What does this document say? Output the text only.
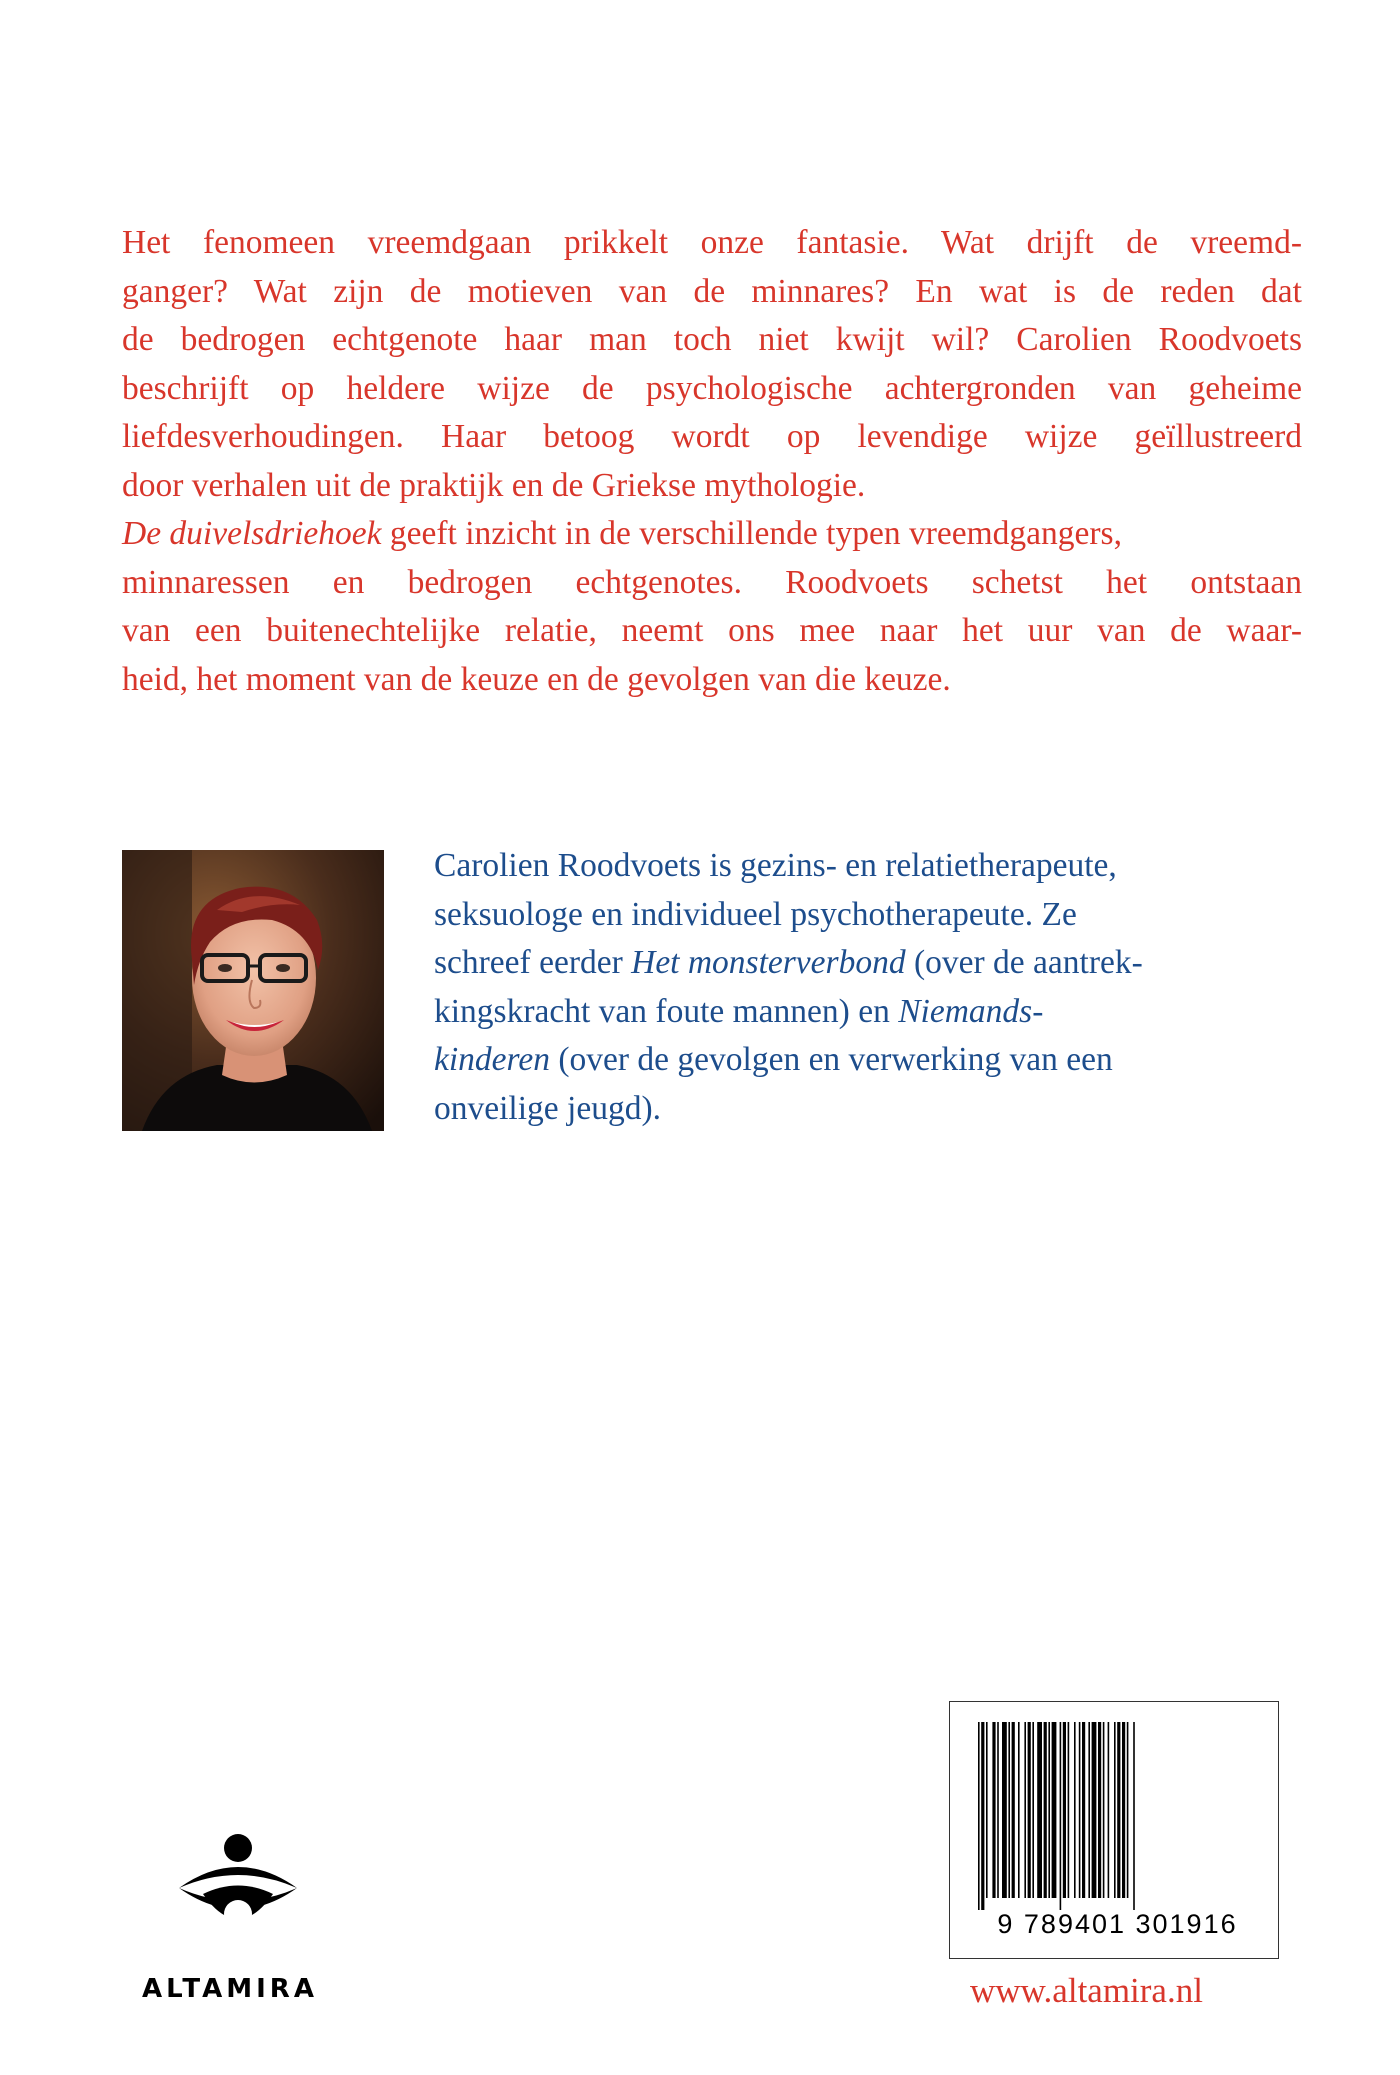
Het fenomeen vreemdgaan prikkelt onze fantasie. Wat drijft de vreemd-
ganger? Wat zijn de motieven van de minnares? En wat is de reden dat
de bedrogen echtgenote haar man toch niet kwijt wil? Carolien Roodvoets
beschrijft op heldere wijze de psychologische achtergronden van geheime
liefdesverhoudingen. Haar betoog wordt op levendige wijze geïllustreerd
door verhalen uit de praktijk en de Griekse mythologie.
De duivelsdriehoek geeft inzicht in de verschillende typen vreemdgangers,
minnaressen en bedrogen echtgenotes. Roodvoets schetst het ontstaan
van een buitenechtelijke relatie, neemt ons mee naar het uur van de waar-
heid, het moment van de keuze en de gevolgen van die keuze.
Carolien Roodvoets is gezins- en relatietherapeute,
seksuologe en individueel psychotherapeute. Ze
schreef eerder Het monsterverbond (over de aantrek-
kingskracht van foute mannen) en Niemands-
kinderen (over de gevolgen en verwerking van een
onveilige jeugd).
9 789401 301916
www.altamira.nl
ALTAMIRA
